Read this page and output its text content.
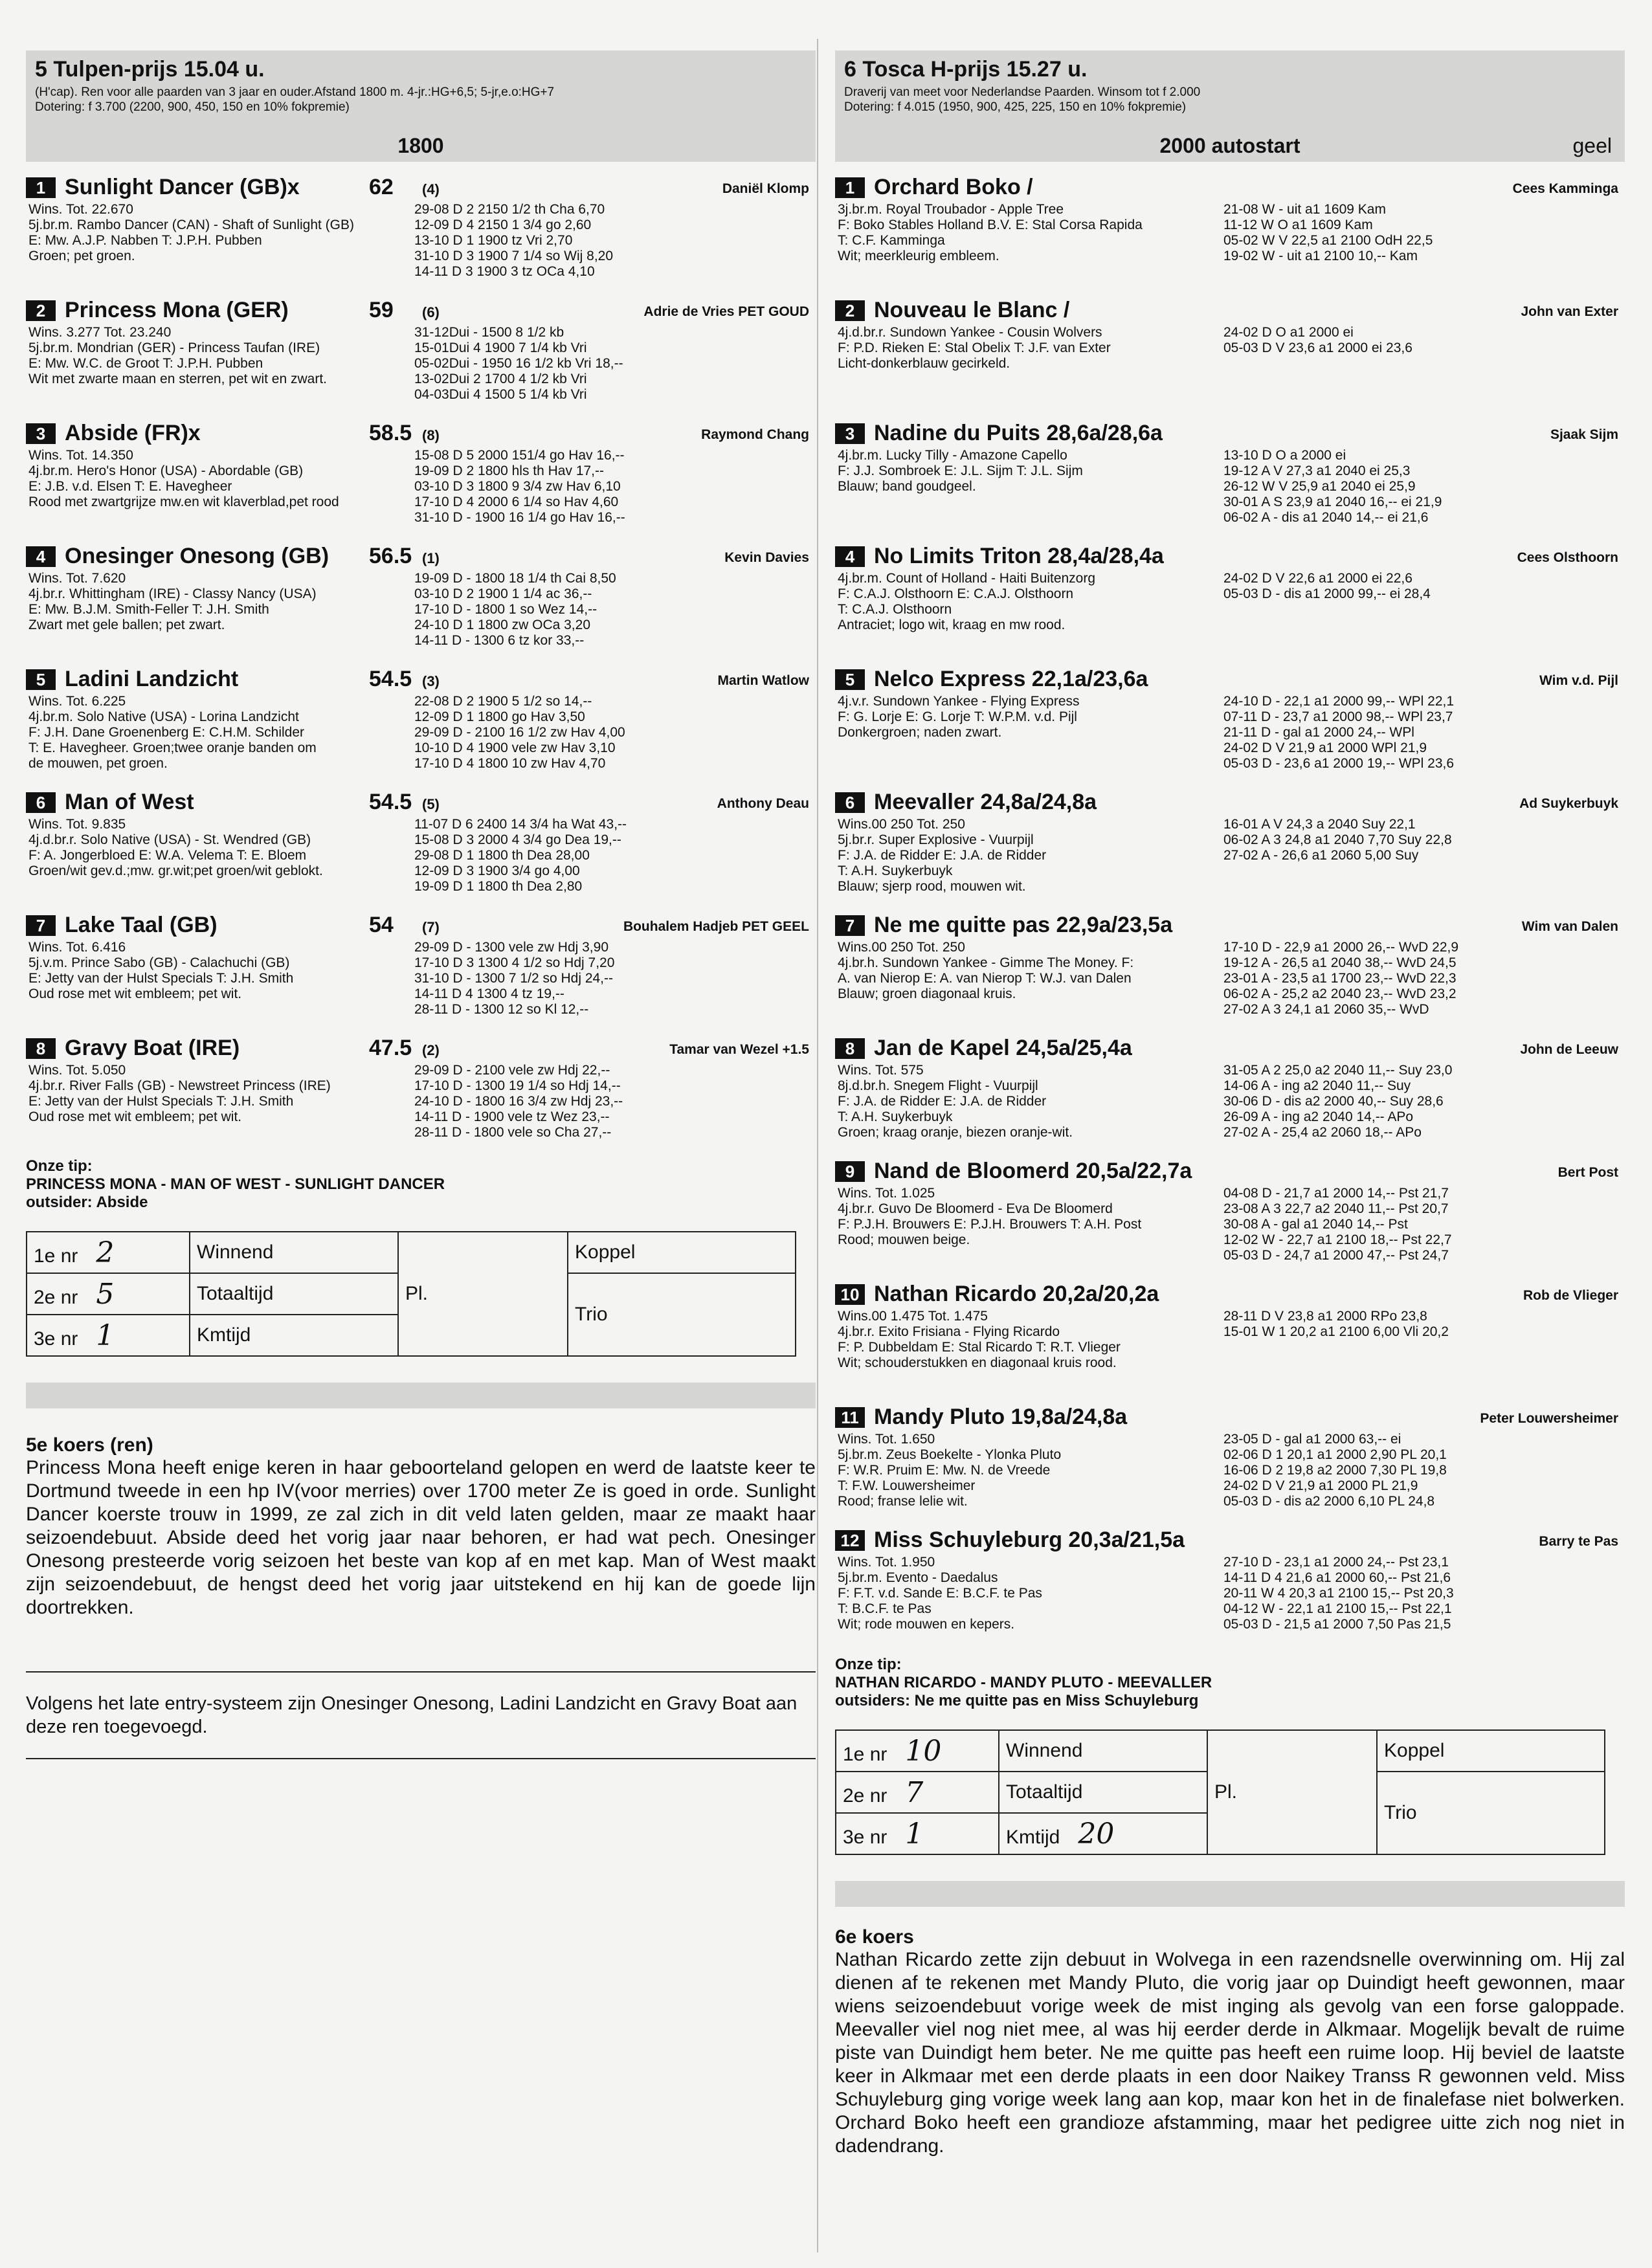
5 Tulpen-prijs 15.04 u.
(H'cap). Ren voor alle paarden van 3 jaar en ouder.Afstand 1800 m. 4-jr.:HG+6,5; 5-jr,e.o:HG+7
Dotering: f 3.700 (2200, 900, 450, 150 en 10% fokpremie)
1800
1 Sunlight Dancer (GB)x	62 (4)	Daniël Klomp
Wins. Tot. 22.670
5j.br.m. Rambo Dancer (CAN) - Shaft of Sunlight (GB)
E: Mw. A.J.P. Nabben T: J.P.H. Pubben
Groen; pet groen.
29-08 D 2 2150 1/2 th Cha 6,70
12-09 D 4 2150 1 3/4 go 2,60
13-10 D 1 1900 tz Vri 2,70
31-10 D 3 1900 7 1/4 so Wij 8,20
14-11 D 3 1900 3 tz OCa 4,10
2 Princess Mona (GER)	59 (6)	Adrie de Vries PET GOUD
Wins. 3.277 Tot. 23.240
5j.br.m. Mondrian (GER) - Princess Taufan (IRE)
E: Mw. W.C. de Groot T: J.P.H. Pubben
Wit met zwarte maan en sterren, pet wit en zwart.
31-12Dui - 1500 8 1/2 kb
15-01Dui 4 1900 7 1/4 kb Vri
05-02Dui - 1950 16 1/2 kb Vri 18,--
13-02Dui 2 1700 4 1/2 kb Vri
04-03Dui 4 1500 5 1/4 kb Vri
3 Abside (FR)x	58.5 (8)	Raymond Chang
Wins. Tot. 14.350
4j.br.m. Hero's Honor (USA) - Abordable (GB)
E: J.B. v.d. Elsen T: E. Havegheer
Rood met zwartgrijze mw.en wit klaverblad,pet rood
15-08 D 5 2000 151/4 go Hav 16,--
19-09 D 2 1800 hls th Hav 17,--
03-10 D 3 1800 9 3/4 zw Hav 6,10
17-10 D 4 2000 6 1/4 so Hav 4,60
31-10 D - 1900 16 1/4 go Hav 16,--
4 Onesinger Onesong (GB) 56.5 (1)	Kevin Davies
Wins. Tot. 7.620
4j.br.r. Whittingham (IRE) - Classy Nancy (USA)
E: Mw. B.J.M. Smith-Feller T: J.H. Smith
Zwart met gele ballen; pet zwart.
19-09 D - 1800 18 1/4 th Cai 8,50
03-10 D 2 1900 1 1/4 ac 36,--
17-10 D - 1800 1 so Wez 14,--
24-10 D 1 1800 zw OCa 3,20
14-11 D - 1300 6 tz kor 33,--
5 Ladini Landzicht	54.5 (3)	Martin Watlow
Wins. Tot. 6.225
4j.br.m. Solo Native (USA) - Lorina Landzicht
F: J.H. Dane Groenenberg E: C.H.M. Schilder
T: E. Havegheer. Groen;twee oranje banden om
de mouwen, pet groen.
22-08 D 2 1900 5 1/2 so 14,--
12-09 D 1 1800 go Hav 3,50
29-09 D - 2100 16 1/2 zw Hav 4,00
10-10 D 4 1900 vele zw Hav 3,10
17-10 D 4 1800 10 zw Hav 4,70
6 Man of West	54.5 (5)	Anthony Deau
Wins. Tot. 9.835
4j.d.br.r. Solo Native (USA) - St. Wendred (GB)
F: A. Jongerbloed E: W.A. Velema T: E. Bloem
Groen/wit gev.d.;mw. gr.wit;pet groen/wit geblokt.
11-07 D 6 2400 14 3/4 ha Wat 43,--
15-08 D 3 2000 4 3/4 go Dea 19,--
29-08 D 1 1800 th Dea 28,00
12-09 D 3 1900 3/4 go 4,00
19-09 D 1 1800 th Dea 2,80
7 Lake Taal (GB)	54 (7)	Bouhalem Hadjeb PET GEEL
Wins. Tot. 6.416
5j.v.m. Prince Sabo (GB) - Calachuchi (GB)
E: Jetty van der Hulst Specials T: J.H. Smith
Oud rose met wit embleem; pet wit.
29-09 D - 1300 vele zw Hdj 3,90
17-10 D 3 1300 4 1/2 so Hdj 7,20
31-10 D - 1300 7 1/2 so Hdj 24,--
14-11 D 4 1300 4 tz 19,--
28-11 D - 1300 12 so Kl 12,--
8 Gravy Boat (IRE)	47.5 (2)	Tamar van Wezel +1.5
Wins. Tot. 5.050
4j.br.r. River Falls (GB) - Newstreet Princess (IRE)
E: Jetty van der Hulst Specials T: J.H. Smith
Oud rose met wit embleem; pet wit.
29-09 D - 2100 vele zw Hdj 22,--
17-10 D - 1300 19 1/4 so Hdj 14,--
24-10 D - 1800 16 3/4 zw Hdj 23,--
14-11 D - 1900 vele tz Wez 23,--
28-11 D - 1800 vele so Cha 27,--
Onze tip:
PRINCESS MONA - MAN OF WEST - SUNLIGHT DANCER
outsider: Abside
1e nr 2	Winnend	Pl.	Koppel
2e nr 5	Totaaltijd		Trio
3e nr 1	Kmtijd		
5e koers (ren)
Princess Mona heeft enige keren in haar geboorteland gelopen en werd de laatste keer te Dortmund tweede in een hp IV(voor merries) over 1700 meter Ze is goed in orde. Sunlight Dancer koerste trouw in 1999, ze zal zich in dit veld laten gelden, maar ze maakt haar seizoendebuut. Abside deed het vorig jaar naar behoren, er had wat pech. Onesinger Onesong presteerde vorig seizoen het beste van kop af en met kap. Man of West maakt zijn seizoendebuut, de hengst deed het vorig jaar uitstekend en hij kan de goede lijn doortrekken.
Volgens het late entry-systeem zijn Onesinger Onesong, Ladini Landzicht en Gravy Boat aan deze ren toegevoegd.
6 Tosca H-prijs 15.27 u.
Draverij van meet voor Nederlandse Paarden. Winsom tot f 2.000
Dotering: f 4.015 (1950, 900, 425, 225, 150 en 10% fokpremie)
2000 autostart	geel
1 Orchard Boko /	Cees Kamminga
3j.br.m. Royal Troubador - Apple Tree
F: Boko Stables Holland B.V. E: Stal Corsa Rapida
T: C.F. Kamminga
Wit; meerkleurig embleem.
21-08 W - uit a1 1609 Kam
11-12 W O a1 1609 Kam
05-02 W V 22,5 a1 2100 OdH 22,5
19-02 W - uit a1 2100 10,-- Kam
2 Nouveau le Blanc /	John van Exter
4j.d.br.r. Sundown Yankee - Cousin Wolvers
F: P.D. Rieken E: Stal Obelix T: J.F. van Exter
Licht-donkerblauw gecirkeld.
24-02 D O a1 2000 ei
05-03 D V 23,6 a1 2000 ei 23,6
3 Nadine du Puits 28,6a/28,6a	Sjaak Sijm
4j.br.m. Lucky Tilly - Amazone Capello
F: J.J. Sombroek E: J.L. Sijm T: J.L. Sijm
Blauw; band goudgeel.
13-10 D O a 2000 ei
19-12 A V 27,3 a1 2040 ei 25,3
26-12 W V 25,9 a1 2040 ei 25,9
30-01 A S 23,9 a1 2040 16,-- ei 21,9
06-02 A - dis a1 2040 14,-- ei 21,6
4 No Limits Triton 28,4a/28,4a	Cees Olsthoorn
4j.br.m. Count of Holland - Haiti Buitenzorg
F: C.A.J. Olsthoorn E: C.A.J. Olsthoorn
T: C.A.J. Olsthoorn
Antraciet; logo wit, kraag en mw rood.
24-02 D V 22,6 a1 2000 ei 22,6
05-03 D - dis a1 2000 99,-- ei 28,4
5 Nelco Express 22,1a/23,6a	Wim v.d. Pijl
4j.v.r. Sundown Yankee - Flying Express
F: G. Lorje E: G. Lorje T: W.P.M. v.d. Pijl
Donkergroen; naden zwart.
24-10 D - 22,1 a1 2000 99,-- WPl 22,1
07-11 D - 23,7 a1 2000 98,-- WPl 23,7
21-11 D - gal a1 2000 24,-- WPl
24-02 D V 21,9 a1 2000 WPl 21,9
05-03 D - 23,6 a1 2000 19,-- WPl 23,6
6 Meevaller 24,8a/24,8a	Ad Suykerbuyk
Wins.00 250 Tot. 250
5j.br.r. Super Explosive - Vuurpijl
F: J.A. de Ridder E: J.A. de Ridder
T: A.H. Suykerbuyk
Blauw; sjerp rood, mouwen wit.
16-01 A V 24,3 a 2040 Suy 22,1
06-02 A 3 24,8 a1 2040 7,70 Suy 22,8
27-02 A - 26,6 a1 2060 5,00 Suy
7 Ne me quitte pas 22,9a/23,5a	Wim van Dalen
Wins.00 250 Tot. 250
4j.br.h. Sundown Yankee - Gimme The Money. F:
A. van Nierop E: A. van Nierop T: W.J. van Dalen
Blauw; groen diagonaal kruis.
17-10 D - 22,9 a1 2000 26,-- WvD 22,9
19-12 A - 26,5 a1 2040 38,-- WvD 24,5
23-01 A - 23,5 a1 1700 23,-- WvD 22,3
06-02 A - 25,2 a2 2040 23,-- WvD 23,2
27-02 A 3 24,1 a1 2060 35,-- WvD
8 Jan de Kapel 24,5a/25,4a	John de Leeuw
Wins. Tot. 575
8j.d.br.h. Snegem Flight - Vuurpijl
F: J.A. de Ridder E: J.A. de Ridder
T: A.H. Suykerbuyk
Groen; kraag oranje, biezen oranje-wit.
31-05 A 2 25,0 a2 2040 11,-- Suy 23,0
14-06 A - ing a2 2040 11,-- Suy
30-06 D - dis a2 2000 40,-- Suy 28,6
26-09 A - ing a2 2040 14,-- APo
27-02 A - 25,4 a2 2060 18,-- APo
9 Nand de Bloomerd 20,5a/22,7a	Bert Post
Wins. Tot. 1.025
4j.br.r. Guvo De Bloomerd - Eva De Bloomerd
F: P.J.H. Brouwers E: P.J.H. Brouwers T: A.H. Post
Rood; mouwen beige.
04-08 D - 21,7 a1 2000 14,-- Pst 21,7
23-08 A 3 22,7 a2 2040 11,-- Pst 20,7
30-08 A - gal a1 2040 14,-- Pst
12-02 W - 22,7 a1 2100 18,-- Pst 22,7
05-03 D - 24,7 a1 2000 47,-- Pst 24,7
10 Nathan Ricardo 20,2a/20,2a	Rob de Vlieger
Wins.00 1.475 Tot. 1.475
4j.br.r. Exito Frisiana - Flying Ricardo
F: P. Dubbeldam E: Stal Ricardo T: R.T. Vlieger
Wit; schouderstukken en diagonaal kruis rood.
28-11 D V 23,8 a1 2000 RPo 23,8
15-01 W 1 20,2 a1 2100 6,00 Vli 20,2
11 Mandy Pluto 19,8a/24,8a	Peter Louwersheimer
Wins. Tot. 1.650
5j.br.m. Zeus Boekelte - Ylonka Pluto
F: W.R. Pruim E: Mw. N. de Vreede
T: F.W. Louwersheimer
Rood; franse lelie wit.
23-05 D - gal a1 2000 63,-- ei
02-06 D 1 20,1 a1 2000 2,90 PL 20,1
16-06 D 2 19,8 a2 2000 7,30 PL 19,8
24-02 D V 21,9 a1 2000 PL 21,9
05-03 D - dis a2 2000 6,10 PL 24,8
12 Miss Schuyleburg 20,3a/21,5a	Barry te Pas
Wins. Tot. 1.950
5j.br.m. Evento - Daedalus
F: F.T. v.d. Sande E: B.C.F. te Pas
T: B.C.F. te Pas
Wit; rode mouwen en kepers.
27-10 D - 23,1 a1 2000 24,-- Pst 23,1
14-11 D 4 21,6 a1 2000 60,-- Pst 21,6
20-11 W 4 20,3 a1 2100 15,-- Pst 20,3
04-12 W - 22,1 a1 2100 15,-- Pst 22,1
05-03 D - 21,5 a1 2000 7,50 Pas 21,5
Onze tip:
NATHAN RICARDO - MANDY PLUTO - MEEVALLER
outsiders: Ne me quitte pas en Miss Schuyleburg
1e nr 10	Winnend	Pl.	Koppel
2e nr 7	Totaaltijd		Trio
3e nr 1	Kmtijd 20		
6e koers
Nathan Ricardo zette zijn debuut in Wolvega in een razendsnelle overwinning om. Hij zal dienen af te rekenen met Mandy Pluto, die vorig jaar op Duindigt heeft gewonnen, maar wiens seizoendebuut vorige week de mist inging als gevolg van een forse galoppade. Meevaller viel nog niet mee, al was hij eerder derde in Alkmaar. Mogelijk bevalt de ruime piste van Duindigt hem beter. Ne me quitte pas heeft een ruime loop. Hij beviel de laatste keer in Alkmaar met een derde plaats in een door Naikey Transs R gewonnen veld. Miss Schuyleburg ging vorige week lang aan kop, maar kon het in de finalefase niet bolwerken. Orchard Boko heeft een grandioze afstamming, maar het pedigree uitte zich nog niet in dadendrang.
